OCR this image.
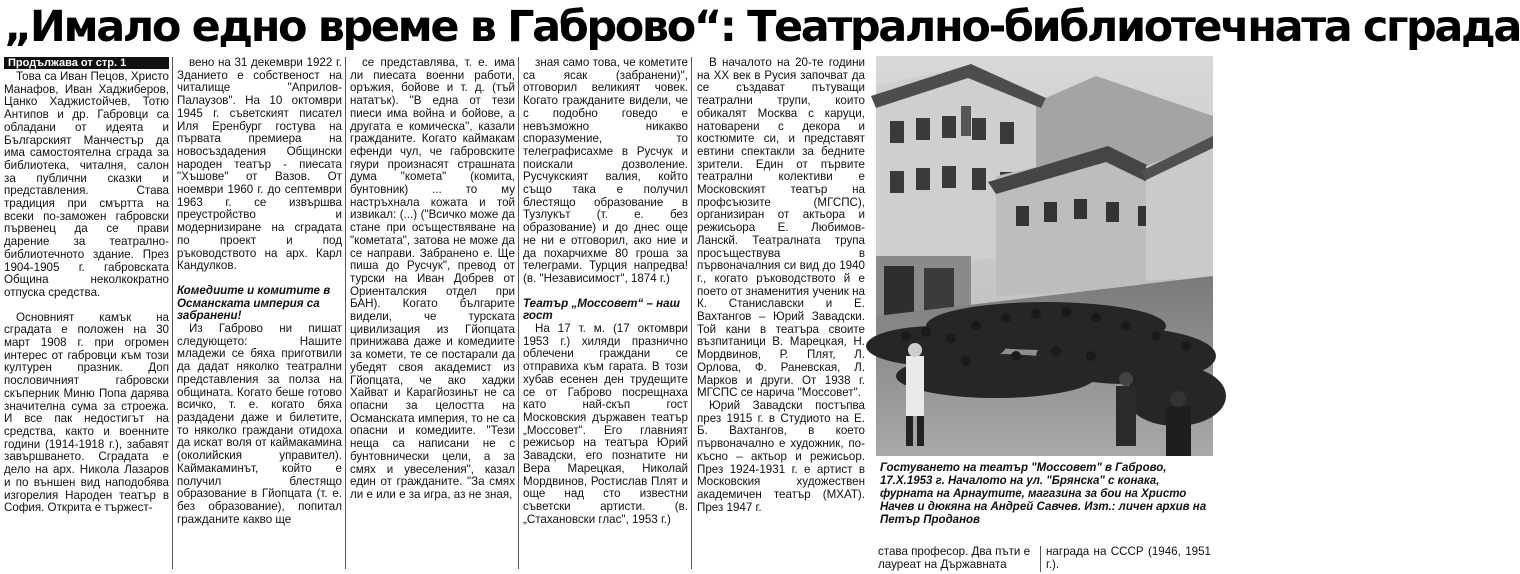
„Имало едно време в Габрово“: Театрално-библиотечната сграда
Продължава от стр. 1

Това са Иван Пецов, Христо Манафов, Иван Хаджиберов, Цанко Хаджистойчев, Тотю Антипов и др. Габровци са обладани от идеята и Българският Манчестър да има самостоятелна сграда за библиотека, читалня, салон за публични сказки и представления. Става традиция при смъртта на всеки по-заможен габровски първенец да се прави дарение за театрално-библиотечното здание. През 1904-1905 г. габровската Община неколкократно отпуска средства.

Основният камък на сградата е положен на 30 март 1908 г. при огромен интерес от габровци към този културен празник. Доп пословичният габровски скъперник Миню Попа дарява значителна сума за строежа. И все пак недостигът на средства, както и военните години (1914-1918 г.), забавят завършването. Сградата е дело на арх. Никола Лазаров и по външен вид наподобява изгорелия Народен театър в София. Открита е тържест-

вено на 31 декември 1922 г. Зданието е собственост на читалище "Априлов-Палаузов". На 10 октомври 1945 г. съветският писател Иля Еренбург гостува на първата премиера на новосъздадения Общински народен театър - пиесата "Хъшове" от Вазов. От ноември 1960 г. до септември 1963 г. се извършва преустройство и модернизиране на сградата по проект и под ръководството на арх. Карл Кандулков.

Комедиите и комитите в Османската империя са забранени!

Из Габрово ни пишат следующето: Нашите младежи се бяха приготвили да дадат няколко театрални представления за полза на общината. Когато беше готово всичко, т. е. когато бяха раздадени даже и билетите, то няколко граждани отидоха да искат воля от каймакамина (околийския управител). Каймакаминът, който е получил блестящо образование в Гйопцата (т. е. без образование), попитал гражданите какво ще

се представлява, т. е. има ли пиесата военни работи, оръжия, бойове и т. д. (тъй нататък). "В една от тези пиеси има война и бойове, а другата е комическа", казали гражданите. Когато каймакам ефенди чул, че габровските гяури произнасят страшната дума "комета" (комита, бунтовник) ... то му настръхнала кожата и той извикал: (...) ("Всичко може да стане при осъществяване на "кометата", затова не може да се направи. Забранено е. Ще пиша до Русчук", превод от турски на Иван Добрев от Ориенталския отдел при БАН). Когато българите видели, че турската цивилизация из Гйопцата принижава даже и комедиите за комети, те се постарали да убедят своя академист из Гйопцата, че ако хаджи Хайват и Карагйозиньт не са опасни за целостта на Османската империя, то не са опасни и комедиите. "Тези неща са написани не с бунтовнически цели, а за смях и увеселения", казал един от гражданите. "За смях ли е или е за игра, аз не зная,

зная само това, че кометите са ясак (забранени)", отговорил великият човек. Когато гражданите видели, че с подобно говедо е невъзможно никакво споразумение, то телеграфисахме в Русчук и поискали дозволение. Русчукският валия, който също така е получил блестящо образование в Тузлукът (т. е. без образование) и до днес още не ни е отговорил, ако ние и да похарчихме 80 гроша за телеграми. Турция напредва! (в. "Независимост", 1874 г.)

Театър „Моссовет“ – наш гост

На 17 т. м. (17 октомври 1953 г.) хиляди празнично облечени граждани се отправиха към гарата. В този хубав есенен ден трудещите се от Габрово посрещнаха като най-скъп гост Московския държавен театър „Моссовет". Его главният режисьор на театъра Юрий Завадски, его познатите ни Вера Марецкая, Николай Мордвинов, Ростислав Плят и още над сто известни съветски артисти. (в. „Стахановски глас", 1953 г.)

В началото на 20-те години на XX век в Русия започват да се създават пътуващи театрални трупи, които обикалят Москва с каруци, натоварени с декора и костюмите си, и представят евтини спектакли за бедните зрители. Един от първите театрални колективи е Московският театър на профсъюзите (МГСПС), организиран от актьора и режисьора Е. Любимов-Ланскй. Театралната трупа просъществува в първоначалния си вид до 1940 г., когато ръководството й е поето от знаменития ученик на К. Станиславски и Е. Вахтангов – Юрий Завадски. Той кани в театъра своите възпитаници В. Марецкая, Н. Мордвинов, Р. Плят, Л. Орлова, Ф. Раневская, Л. Марков и други. От 1938 г. МГСПС се нарича "Моссовет".

Юрий Завадски постъпва през 1915 г. в Студиото на Е. Б. Вахтангов, в което първоначално е художник, по-късно – актьор и режисьор. През 1924-1931 г. е артист в Московския художествен академичен театър (МХАТ). През 1947 г.

Гостуването на театър "Моссовет" в Габрово, 17.Х.1953 г. Началото на ул. "Брянска" с конака, фурната на Арнаутите, магазина за бои на Христо Начев и дюкяна на Андрей Савчев. Изт.: личен архив на Петър Проданов
става професор. Два пъти е лауреат на Държавната
награда на СССР (1946, 1951 г.).
